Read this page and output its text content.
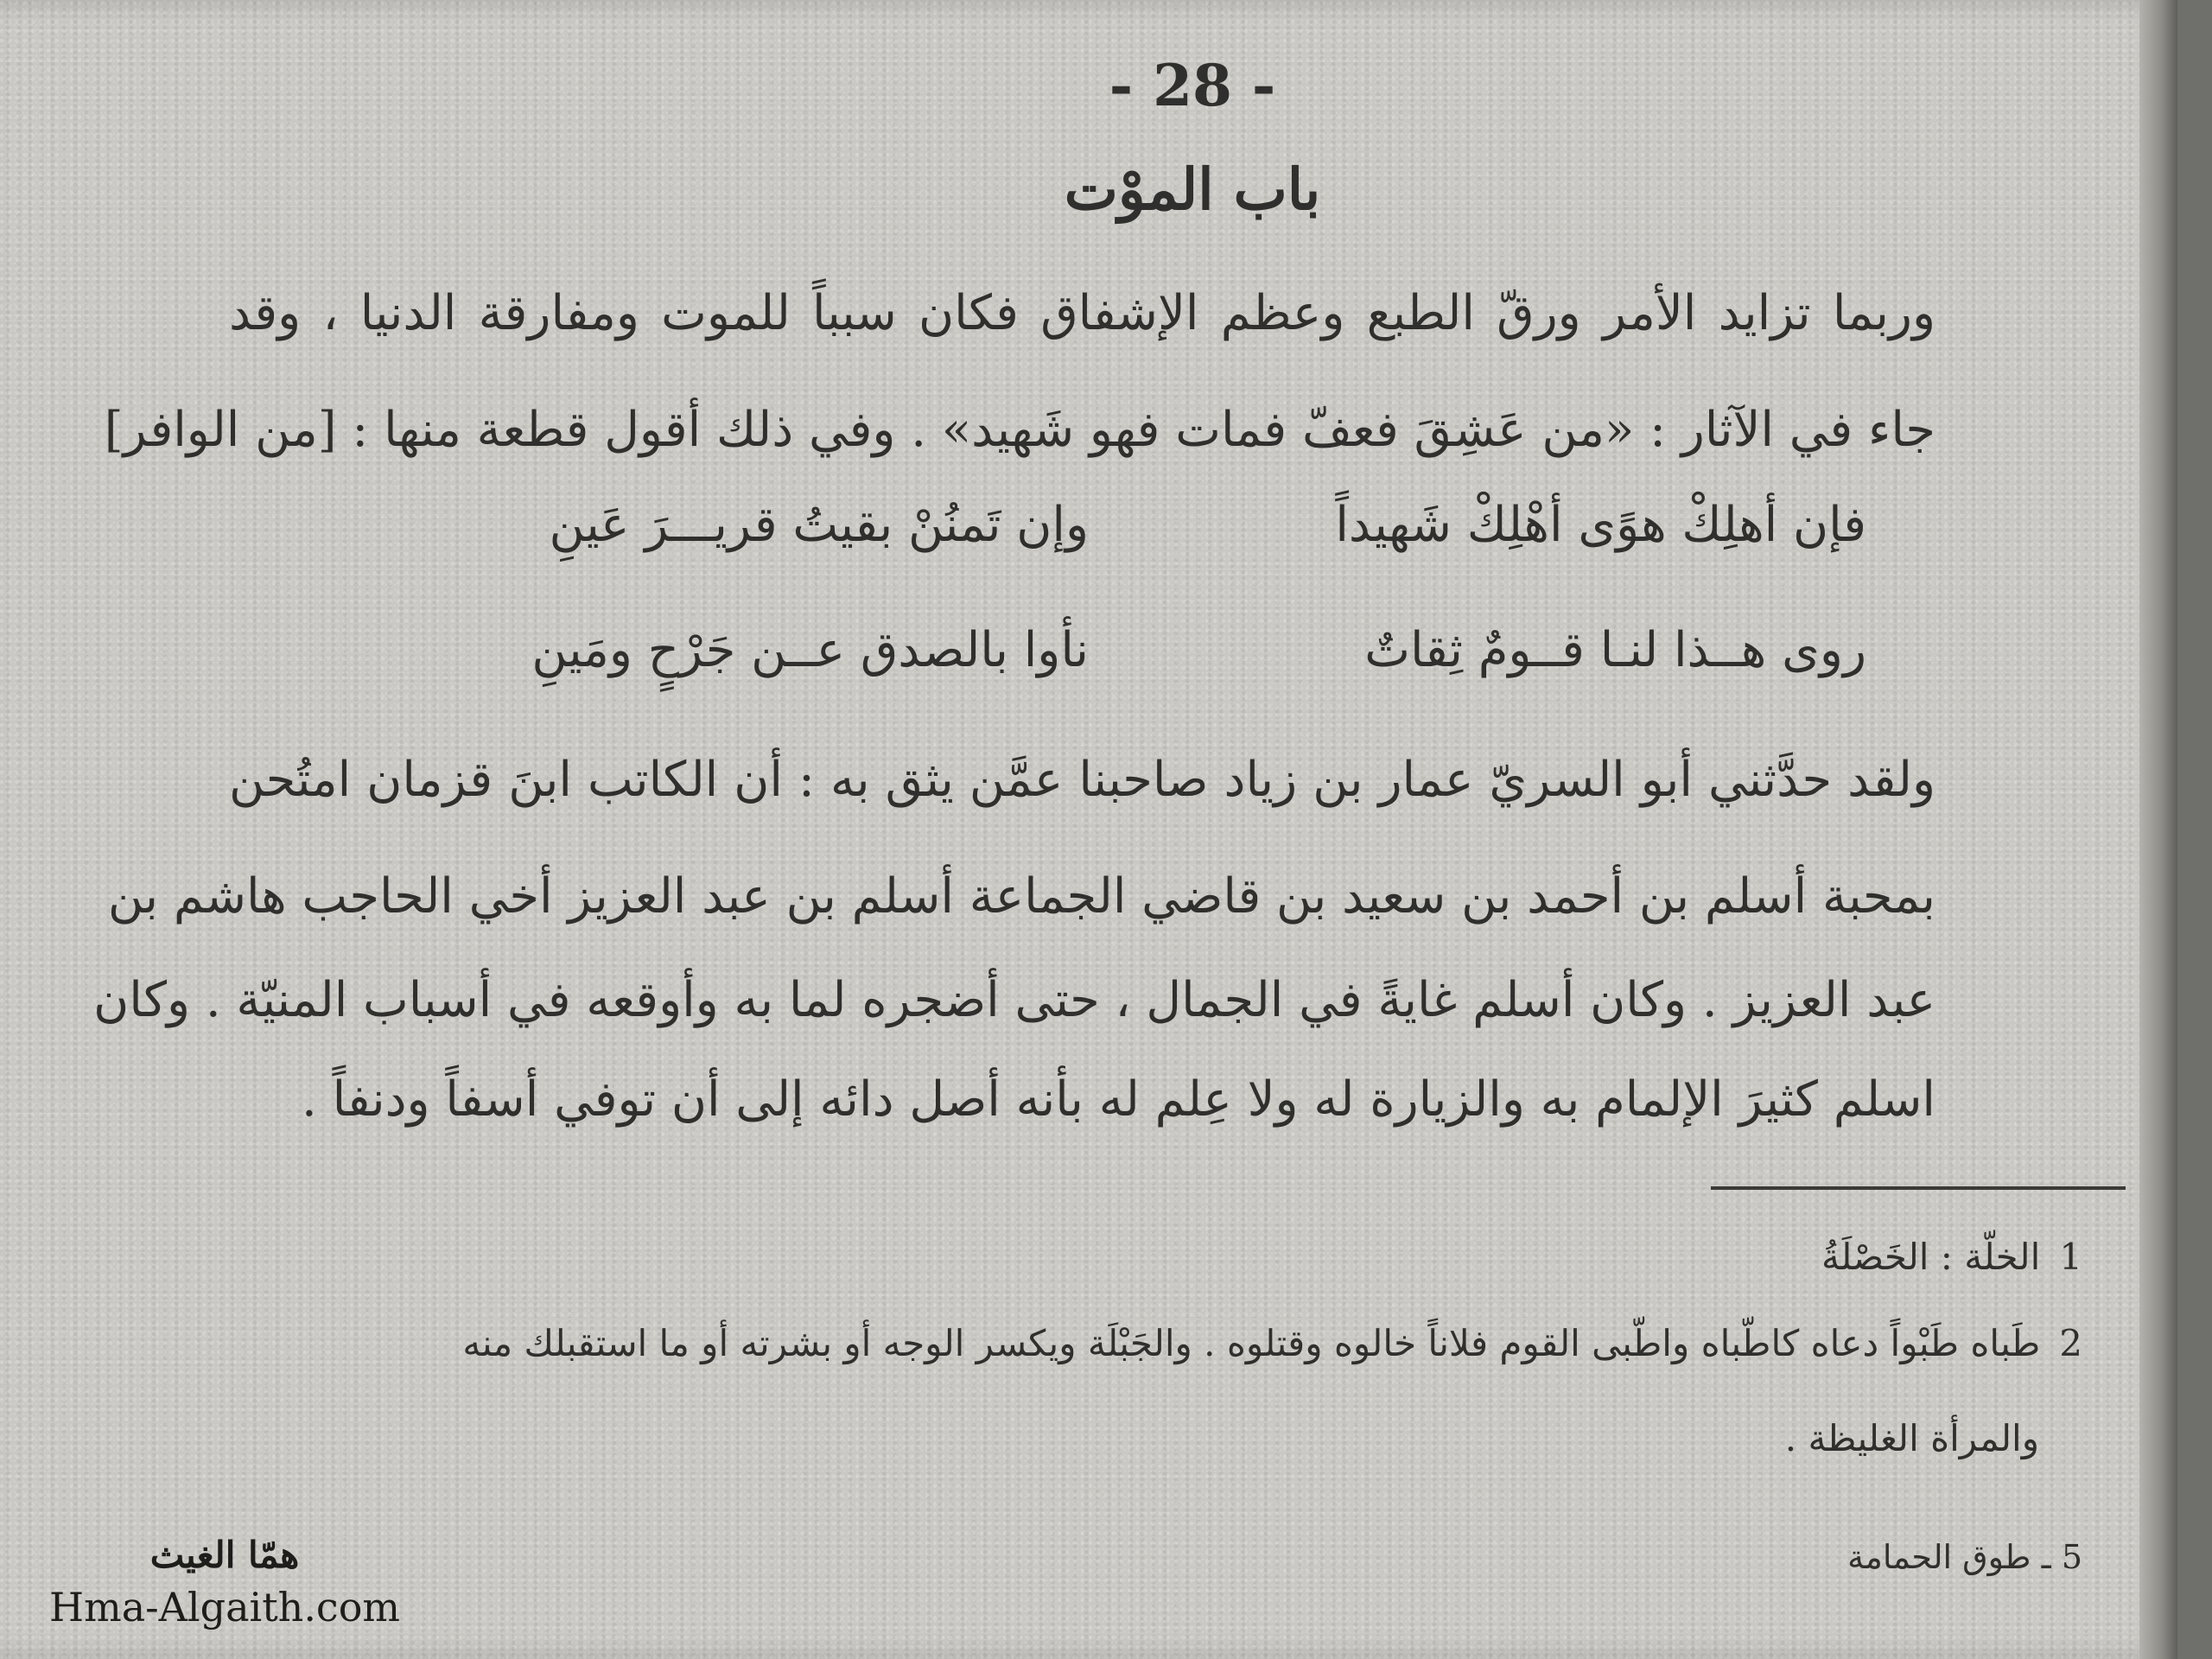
- 28 -
باب الموْت
وربما تزايد الأمر ورقّ الطبع وعظم الإشفاق فكان سبباً للموت ومفارقة الدنيا ، وقد
جاء في الآثار : «من عَشِقَ فعفّ فمات فهو شَهيد» . وفي ذلك أقول قطعة منها : [من الوافر]
فإن أهلِكْ هوًى أهْلِكْ شَهيداً
وإن تَمنُنْ بقيتُ قريـــرَ عَينِ
روى هــذا لنـا قــومٌ ثِقاتٌ
نأوا بالصدق عــن جَرْحٍ ومَينِ
ولقد حدَّثني أبو السريّ عمار بن زياد صاحبنا عمَّن يثق به : أن الكاتب ابنَ قزمان امتُحن
بمحبة أسلم بن أحمد بن سعيد بن قاضي الجماعة أسلم بن عبد العزيز أخي الحاجب هاشم بن
عبد العزيز . وكان أسلم غايةً في الجمال ، حتى أضجره لما به وأوقعه في أسباب المنيّة . وكان
اسلم كثيرَ الإلمام به والزيارة له ولا عِلم له بأنه أصل دائه إلى أن توفي أسفاً ودنفاً .
1الخلّة : الخَصْلَةُ
2طَباه طَبْواً دعاه كاطّباه واطّبى القوم فلاناً خالوه وقتلوه . والجَبْلَة ويكسر الوجه أو بشرته أو ما استقبلك منه
والمرأة الغليظة .
5 ـ طوق الحمامة
همّا الغيث
Hma-Algaith.com
